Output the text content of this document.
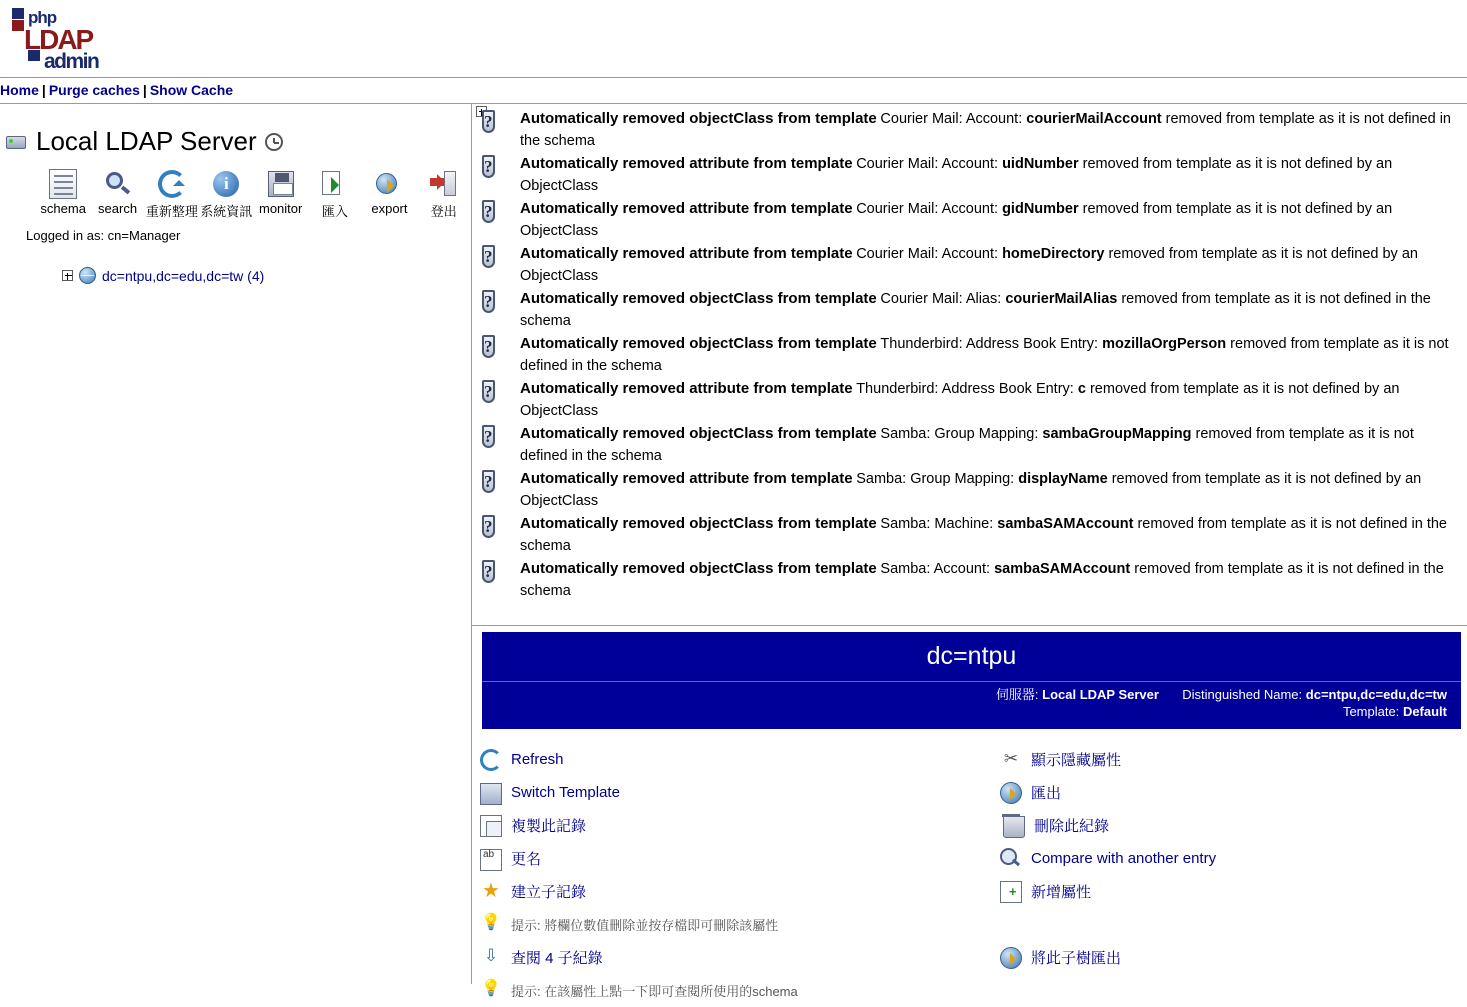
php
LDAP
admin
Home | Purge caches | Show Cache
Local LDAP Server
schema search 重新整理
i
系統資訊 monitor	匯入	export	登出
Logged in as: cn=Manager
dc=ntpu,dc=edu,dc=tw (4)
?	Automatically removed objectClass from template Courier Mail: Account: courierMailAccount removed from template as it is not defined in the schema
?	Automatically removed attribute from template Courier Mail: Account: uidNumber removed from template as it is not defined by an ObjectClass
?	Automatically removed attribute from template Courier Mail: Account: gidNumber removed from template as it is not defined by an ObjectClass
?	Automatically removed attribute from template Courier Mail: Account: homeDirectory removed from template as it is not defined by an ObjectClass
?	Automatically removed objectClass from template Courier Mail: Alias: courierMailAlias removed from template as it is not defined in the schema
?	Automatically removed objectClass from template Thunderbird: Address Book Entry: mozillaOrgPerson removed from template as it is not defined in the schema
?	Automatically removed attribute from template Thunderbird: Address Book Entry: c removed from template as it is not defined by an ObjectClass
?	Automatically removed objectClass from template Samba: Group Mapping: sambaGroupMapping removed from template as it is not defined in the schema
?	Automatically removed attribute from template Samba: Group Mapping: displayName removed from template as it is not defined by an ObjectClass
?	Automatically removed objectClass from template Samba: Machine: sambaSAMAccount removed from template as it is not defined in the schema
?	Automatically removed objectClass from template Samba: Account: sambaSAMAccount removed from template as it is not defined in the schema
dc=ntpu
伺服器: Local LDAP Server Distinguished Name: dc=ntpu,dc=edu,dc=tw
Template: Default
Refresh	✂ 顯示隱藏屬性
Switch Template	匯出
複製此記錄	刪除此紀錄
ab
更名	Compare with another entry
★ 建立子記錄 +	新增屬性
💡 提示: 將欄位數值刪除並按存檔即可刪除該屬性
⇩ 查閱 4 子紀錄	將此子樹匯出
💡 提示: 在該屬性上點一下即可查閱所使用的schema
